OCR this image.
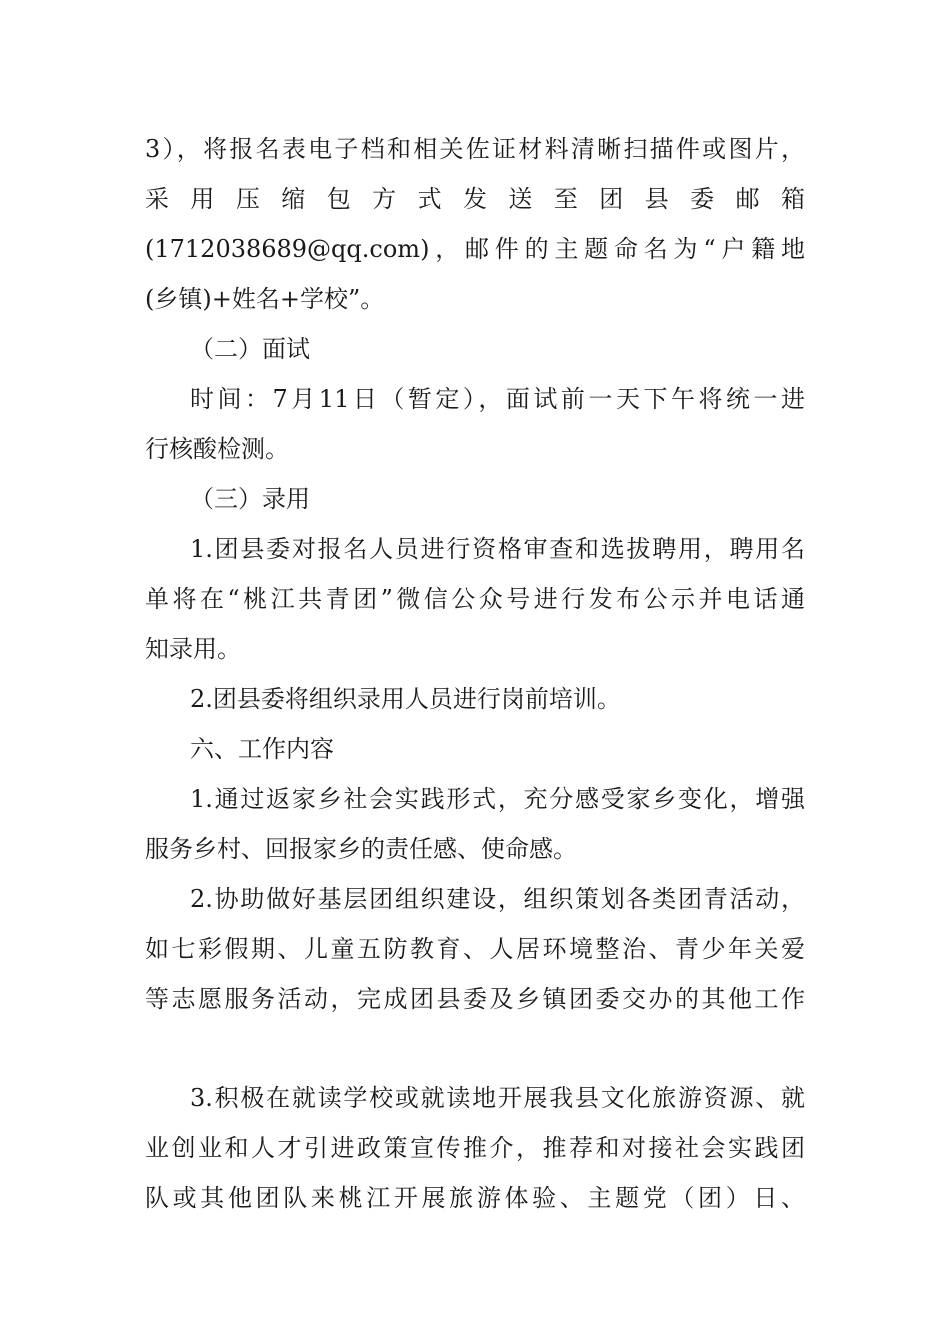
3），将报名表电子档和相关佐证材料清晰扫描件或图片，
采用压缩包方式发送至团县委邮箱
(1712038689@qq.com)，邮件的主题命名为“户籍地
(乡镇)+姓名+学校”。
（二）面试
时间：7月11日（暂定），面试前一天下午将统一进
行核酸检测。
（三）录用
1.团县委对报名人员进行资格审查和选拔聘用，聘用名
单将在“桃江共青团”微信公众号进行发布公示并电话通
知录用。
2.团县委将组织录用人员进行岗前培训。
六、工作内容
1.通过返家乡社会实践形式，充分感受家乡变化，增强
服务乡村、回报家乡的责任感、使命感。
2.协助做好基层团组织建设，组织策划各类团青活动，
如七彩假期、儿童五防教育、人居环境整治、青少年关爱
等志愿服务活动，完成团县委及乡镇团委交办的其他工作
3.积极在就读学校或就读地开展我县文化旅游资源、就
业创业和人才引进政策宣传推介，推荐和对接社会实践团
队或其他团队来桃江开展旅游体验、主题党（团）日、
